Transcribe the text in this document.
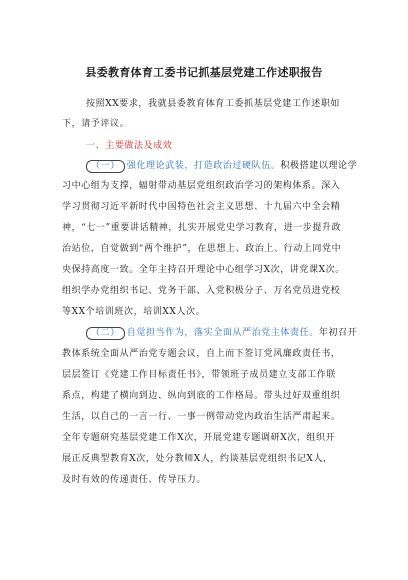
县委教育体育工委书记抓基层党建工作述职报告
按照XX要求，我就县委教育体育工委抓基层党建工作述职如
下，请予评议。
一、主要做法及成效
（一） 强化理论武装，打造政治过硬队伍。积极搭建以理论学
习中心组为支撑，辐射带动基层党组织政治学习的架构体系。深入
学习贯彻习近平新时代中国特色社会主义思想、十九届六中全会精
神，“七一”重要讲话精神，扎实开展党史学习教育，进一步提升政
治站位，自觉做到“两个维护”，在思想上、政治上、行动上同党中
央保持高度一致。全年主持召开理论中心组学习X次，讲党课X次。
组织学办党组织书记、党务干部、入党积极分子、万名党员进党校
等XX个培训班次，培训XX人次。
（二） 自觉担当作为，落实全面从严治党主体责任。年初召开
教体系统全面从严治党专题会议，自上而下签订党风廉政责任书，
层层签订《党建工作目标责任书》，带领班子成员建立支部工作联
系点，构建了横向到边、纵向到底的工作格局。带头过好双重组织
生活，以自己的一言一行、一事一例带动党内政治生活严肃起来。
全年专题研究基层党建工作X次，开展党建专题调研X次，组织开
展正反典型教育X次，处分教师X人，约谈基层党组织书记X人，
及时有效的传递责任、传导压力。
